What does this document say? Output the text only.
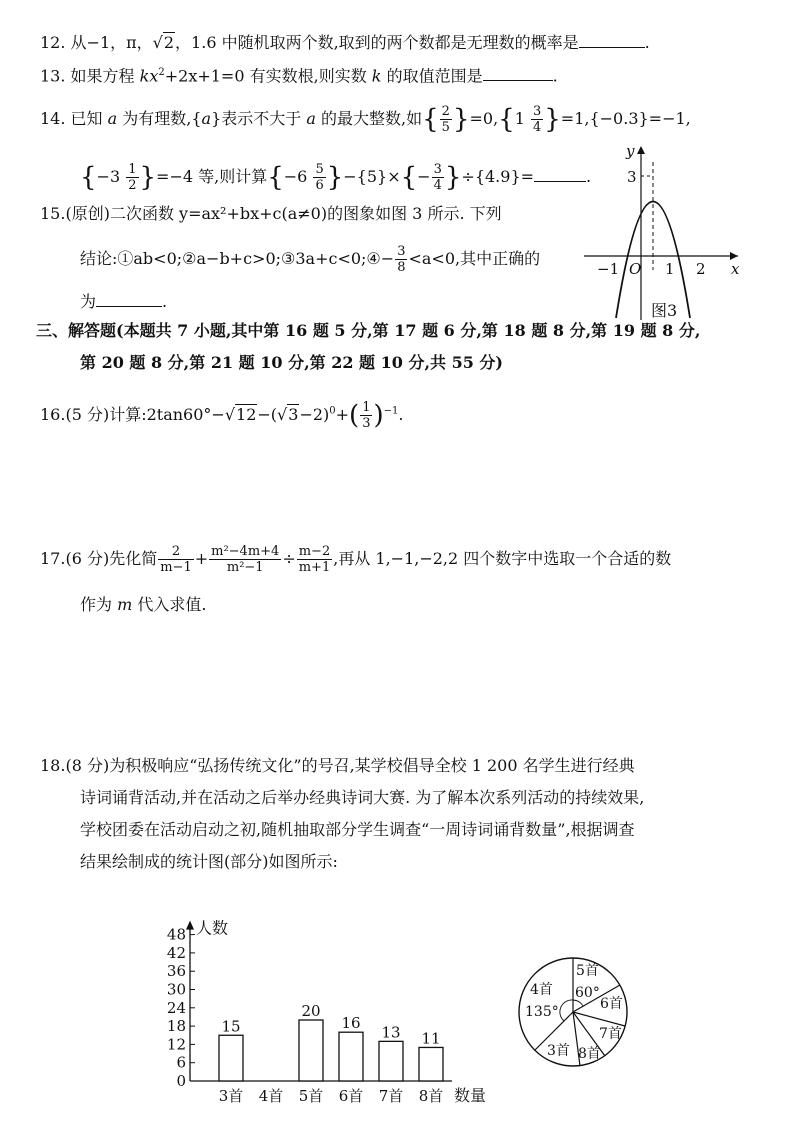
12. 从−1，π，√2，1.6 中随机取两个数,取到的两个数都是无理数的概率是	.
13. 如果方程 $kx^2+2x+1=0$ 有实数根,则实数 k 的取值范围是	.
14. 已知 a 为有理数,{a}表示不大于 a 的最大整数,如{ $\frac{2}{5} \}=0,\{1 \frac{3}{4} \}=1,\{-0.3\}=-1$,
$\{-3 \frac{1}{2} \}=-4$ 等,则计算$\{-6 \frac{5}{6} \}-\{5\}\times\{- \frac{3}{4} \}\div\{4.9\}=$	.
15.(原创)二次函数 y=ax²+bx+c(a≠0)的图象如图 3 所示. 下列
结论:①ab<0;②a−b+c>0;③3a+c<0;④− $\frac{3}{8} <a<0$,其中正确的
为	.
y
3
x
O
−1	1 2
图3
三、解答题(本题共 7 小题,其中第 16 题 5 分,第 17 题 6 分,第 18 题 8 分,第 19 题 8 分,
第 20 题 8 分,第 21 题 10 分,第 22 题 10 分,共 55 分)
16.(5 分)计算$:2\tan 60^\circ-√12-(√3-2)^0+( \frac{1}{3} )^{-1}$.
17.(6 分)先化简 $\frac{2}{m-1} + \frac{\text{m²−4m+4}}{\text{m²−1}} \div \frac{m-2}{m+1}$ ,再从 1,−1,−2,2 四个数字中选取一个合适的数
作为 m 代入求值.
18.(8 分)为积极响应“弘扬传统文化”的号召,某学校倡导全校 1 200 名学生进行经典
诗词诵背活动,并在活动之后举办经典诗词大赛. 为了解本次系列活动的持续效果,
学校团委在活动启动之初,随机抽取部分学生调查“一周诗词诵背数量”,根据调查
结果绘制成的统计图(部分)如图所示:
人数
数量
0
6
12
18
24
30
36
42
48
3首
15
4首 5首
20
6首
16
7首
13
8首
11
5首
60°
6首
7首
8首
3首
4首
135°
